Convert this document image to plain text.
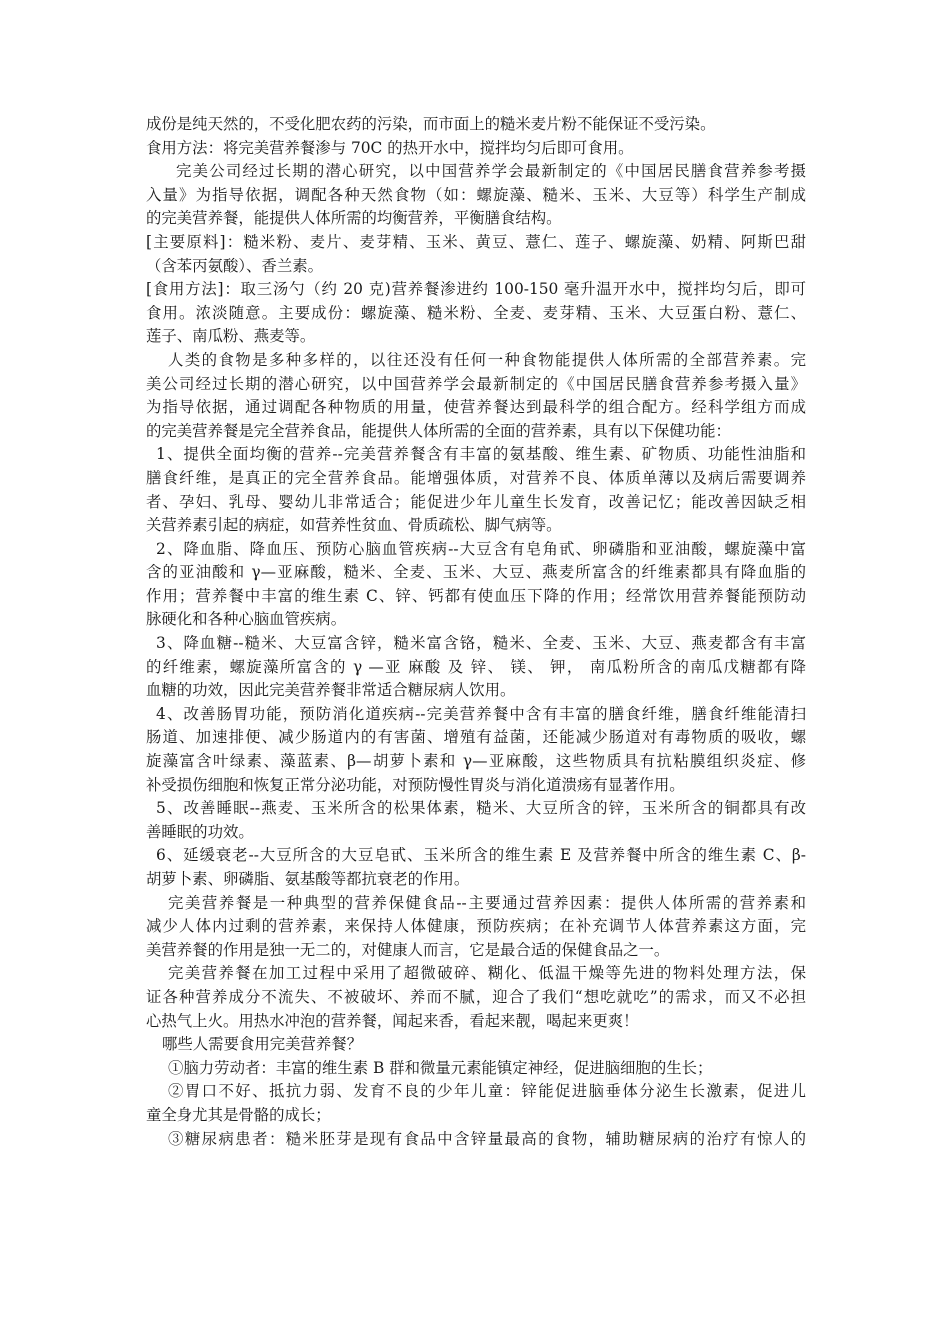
成份是纯天然的，不受化肥农药的污染，而市面上的糙米麦片粉不能保证不受污染。
食用方法：将完美营养餐渗与 70C 的热开水中，搅拌均匀后即可食用。
完美公司经过长期的潜心研究，以中国营养学会最新制定的《中国居民膳食营养参考摄
入量》为指导依据，调配各种天然食物（如：螺旋藻、糙米、玉米、大豆等）科学生产制成
的完美营养餐，能提供人体所需的均衡营养，平衡膳食结构。
[主要原料]：糙米粉、麦片、麦芽精、玉米、黄豆、薏仁、莲子、螺旋藻、奶精、阿斯巴甜
（含苯丙氨酸）、香兰素。
[食用方法]：取三汤勺（约 20 克)营养餐渗进约 100-150 毫升温开水中，搅拌均匀后，即可
食用。浓淡随意。主要成份：螺旋藻、糙米粉、全麦、麦芽精、玉米、大豆蛋白粉、薏仁、
莲子、南瓜粉、燕麦等。
人类的食物是多种多样的，以往还没有任何一种食物能提供人体所需的全部营养素。完
美公司经过长期的潜心研究，以中国营养学会最新制定的《中国居民膳食营养参考摄入量》
为指导依据，通过调配各种物质的用量，使营养餐达到最科学的组合配方。经科学组方而成
的完美营养餐是完全营养食品，能提供人体所需的全面的营养素，具有以下保健功能：
1、提供全面均衡的营养--完美营养餐含有丰富的氨基酸、维生素、矿物质、功能性油脂和
膳食纤维，是真正的完全营养食品。能增强体质，对营养不良、体质单薄以及病后需要调养
者、孕妇、乳母、婴幼儿非常适合；能促进少年儿童生长发育，改善记忆；能改善因缺乏相
关营养素引起的病症，如营养性贫血、骨质疏松、脚气病等。
2、降血脂、降血压、预防心脑血管疾病--大豆含有皂角甙、卵磷脂和亚油酸，螺旋藻中富
含的亚油酸和 γ—亚麻酸，糙米、全麦、玉米、大豆、燕麦所富含的纤维素都具有降血脂的
作用；营养餐中丰富的维生素 C、锌、钙都有使血压下降的作用；经常饮用营养餐能预防动
脉硬化和各种心脑血管疾病。
3、降血糖--糙米、大豆富含锌，糙米富含铬，糙米、全麦、玉米、大豆、燕麦都含有丰富
的纤维素，螺旋藻所富含的 γ —亚 麻酸 及 锌、 镁、 钾， 南瓜粉所含的南瓜戊糖都有降
血糖的功效，因此完美营养餐非常适合糖尿病人饮用。
4、改善肠胃功能，预防消化道疾病--完美营养餐中含有丰富的膳食纤维，膳食纤维能清扫
肠道、加速排便、减少肠道内的有害菌、增殖有益菌，还能减少肠道对有毒物质的吸收，螺
旋藻富含叶绿素、藻蓝素、β—胡萝卜素和 γ—亚麻酸，这些物质具有抗粘膜组织炎症、修
补受损伤细胞和恢复正常分泌功能，对预防慢性胃炎与消化道溃疡有显著作用。
5、改善睡眠--燕麦、玉米所含的松果体素，糙米、大豆所含的锌，玉米所含的铜都具有改
善睡眠的功效。
6、延缓衰老--大豆所含的大豆皂甙、玉米所含的维生素 E 及营养餐中所含的维生素 C、β-
胡萝卜素、卵磷脂、氨基酸等都抗衰老的作用。
完美营养餐是一种典型的营养保健食品--主要通过营养因素：提供人体所需的营养素和
减少人体内过剩的营养素，来保持人体健康，预防疾病；在补充调节人体营养素这方面，完
美营养餐的作用是独一无二的，对健康人而言，它是最合适的保健食品之一。
完美营养餐在加工过程中采用了超微破碎、糊化、低温干燥等先进的物料处理方法，保
证各种营养成分不流失、不被破坏、养而不腻，迎合了我们“想吃就吃”的需求，而又不必担
心热气上火。用热水冲泡的营养餐，闻起来香，看起来靓，喝起来更爽！
哪些人需要食用完美营养餐？
①脑力劳动者：丰富的维生素 B 群和微量元素能镇定神经，促进脑细胞的生长；
②胃口不好、抵抗力弱、发育不良的少年儿童：锌能促进脑垂体分泌生长激素，促进儿
童全身尤其是骨骼的成长；
③糖尿病患者：糙米胚芽是现有食品中含锌量最高的食物，辅助糖尿病的治疗有惊人的
